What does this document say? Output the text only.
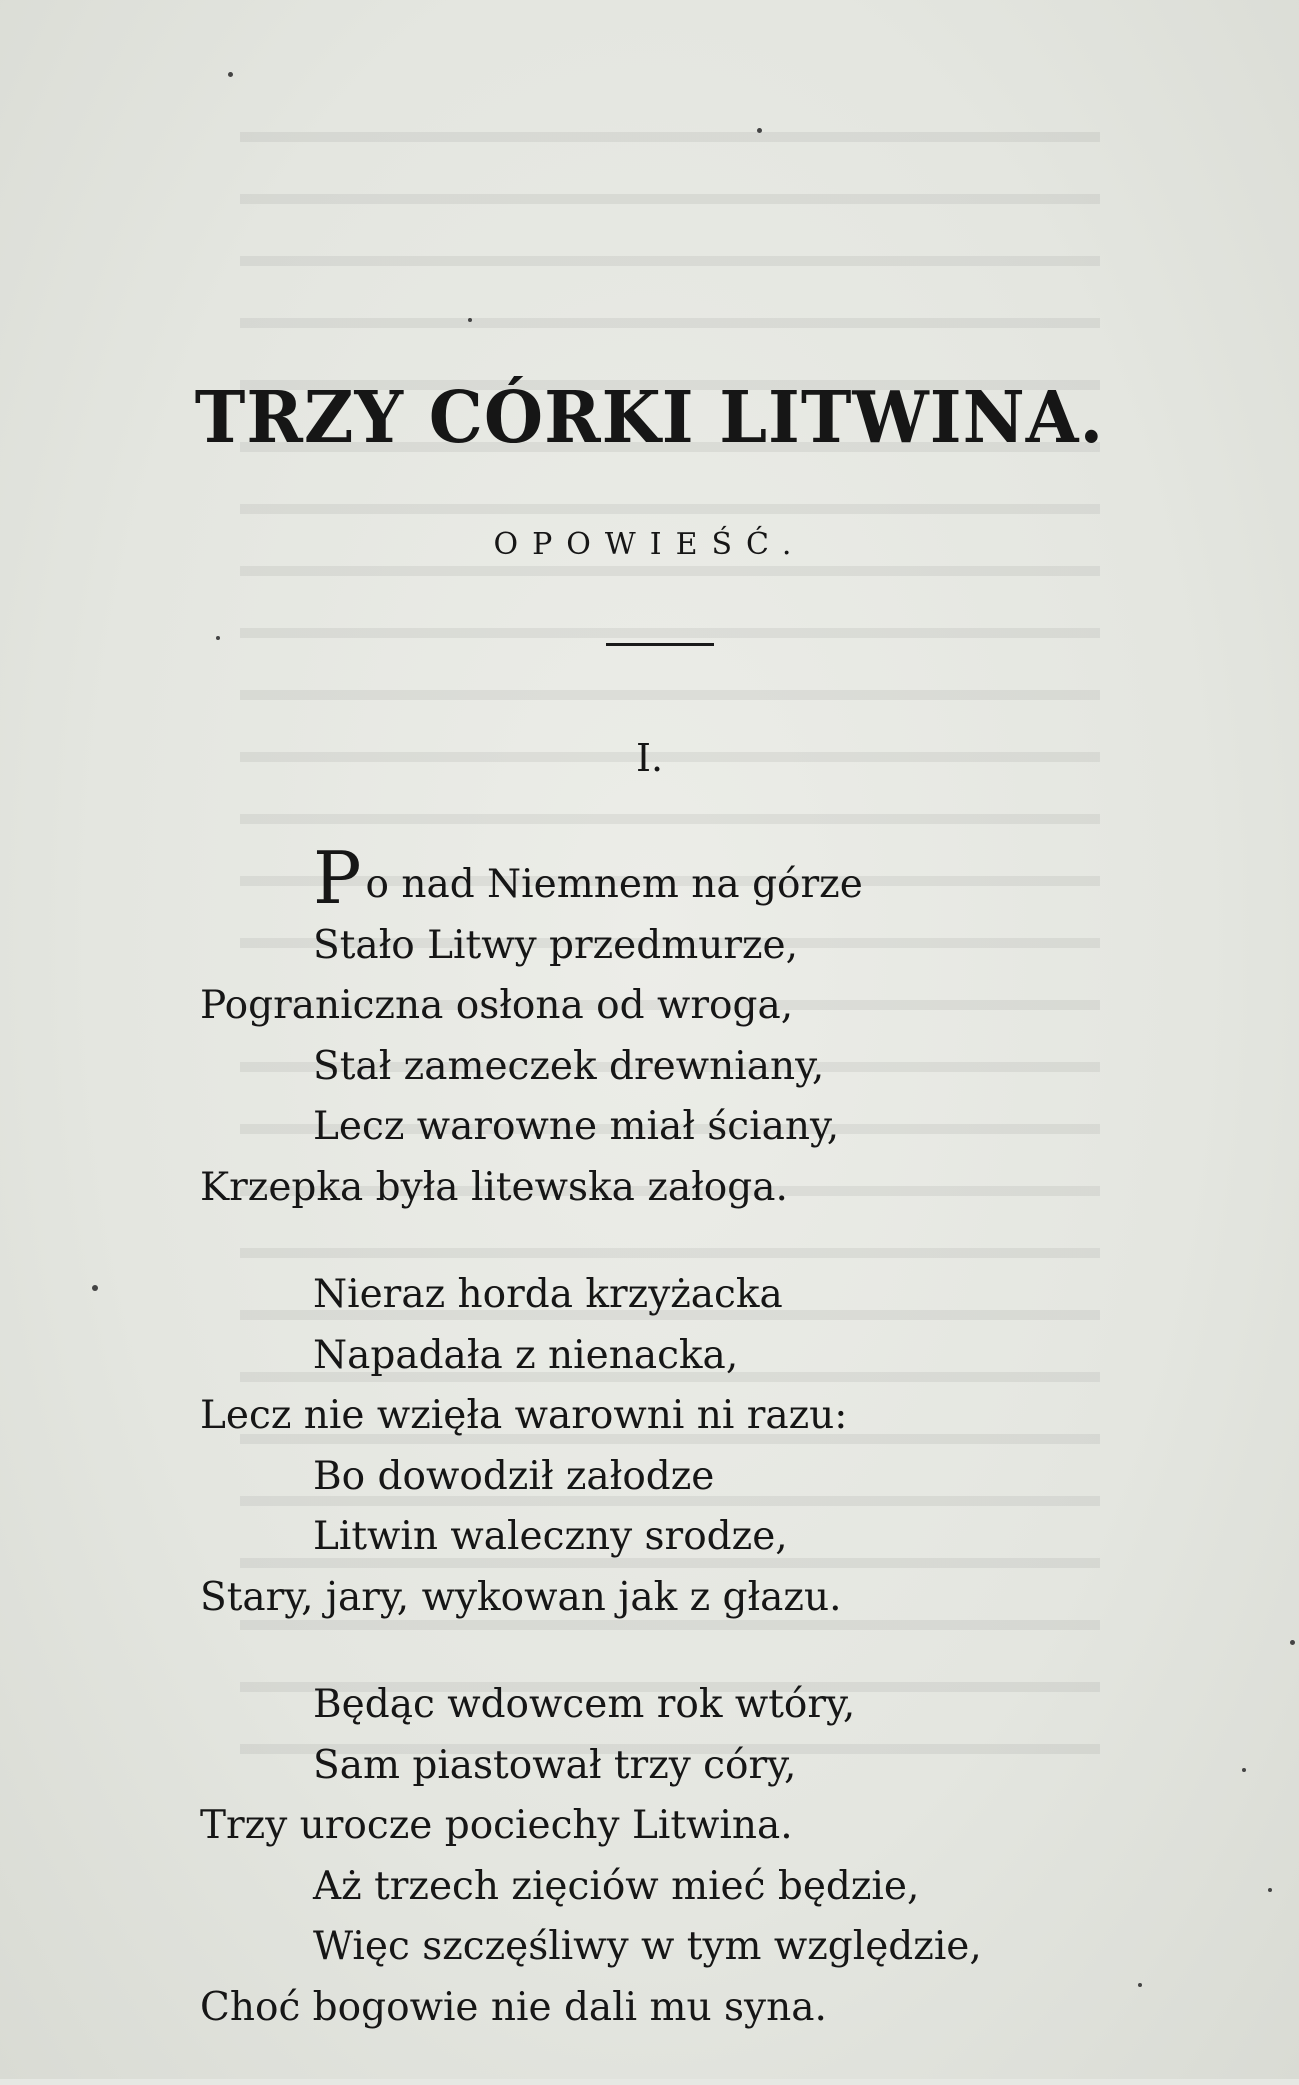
TRZY CÓRKI LITWINA.
OPOWIEŚĆ.
I.
Po nad Niemnem na górze
Stało Litwy przedmurze,
Pograniczna osłona od wroga,
Stał zameczek drewniany,
Lecz warowne miał ściany,
Krzepka była litewska załoga.
Nieraz horda krzyżacka
Napadała z nienacka,
Lecz nie wzięła warowni ni razu:
Bo dowodził załodze
Litwin waleczny srodze,
Stary, jary, wykowan jak z głazu.
Będąc wdowcem rok wtóry,
Sam piastował trzy córy,
Trzy urocze pociechy Litwina.
Aż trzech zięciów mieć będzie,
Więc szczęśliwy w tym względzie,
Choć bogowie nie dali mu syna.
